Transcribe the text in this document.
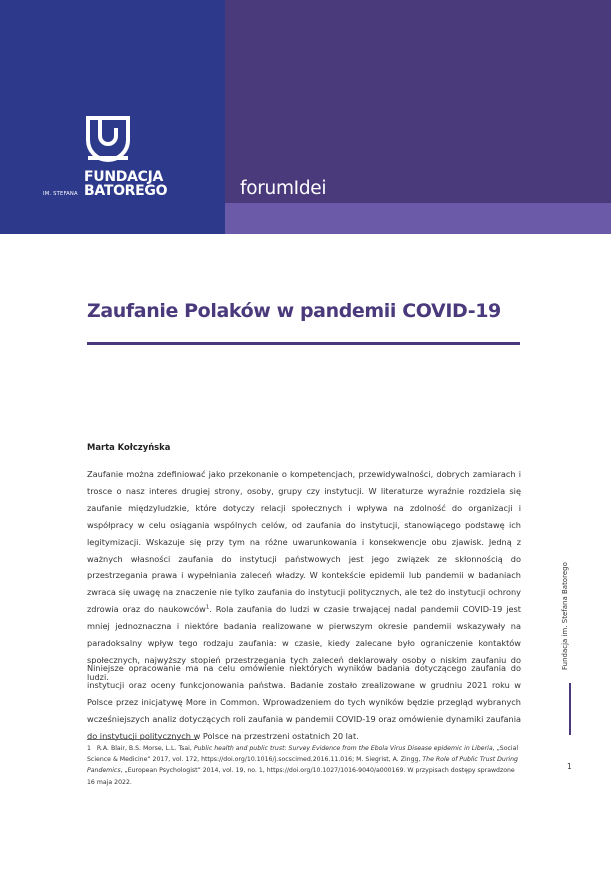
FUNDACJA
IM. STEFANA BATOREGO	forumIdei
Zaufanie Polaków w pandemii COVID-19
Marta Kołczyńska

Zaufanie można zdefiniować jako przekonanie o kompetencjach, przewidywalności, dobrych zamiarach i trosce o nasz interes drugiej strony, osoby, grupy czy instytucji. W literaturze wyraźnie rozdziela się zaufanie międzyludzkie, które dotyczy relacji społecznych i wpływa na zdolność do organizacji i współpracy w celu osiągania wspólnych celów, od zaufania do instytucji, stanowiącego podstawę ich legitymizacji. Wskazuje się przy tym na różne uwarunkowania i konsekwencje obu zjawisk. Jedną z ważnych własności zaufania do instytucji państwowych jest jego związek ze skłonnością do przestrzegania prawa i wypełniania zaleceń władzy. W kontekście epidemii lub pandemii w badaniach zwraca się uwagę na znaczenie nie tylko zaufania do instytucji politycznych, ale też do instytucji ochrony zdrowia oraz do naukowców$^1$. Rola zaufania do ludzi w czasie trwającej nadal pandemii COVID-19 jest mniej jednoznaczna i niektóre badania realizowane w pierwszym okresie pandemii wskazywały na paradoksalny wpływ tego rodzaju zaufania: w czasie, kiedy zalecane było ograniczenie kontaktów społecznych, najwyższy stopień przestrzegania tych zaleceń deklarowały osoby o niskim zaufaniu do ludzi.

Niniejsze opracowanie ma na celu omówienie niektórych wyników badania dotyczącego zaufania do instytucji oraz oceny funkcjonowania państwa. Badanie zostało zrealizowane w grudniu 2021 roku w Polsce przez inicjatywę More in Common. Wprowadzeniem do tych wyników będzie przegląd wybranych wcześniejszych analiz dotyczących roli zaufania w pandemii COVID-19 oraz omówienie dynamiki zaufania do instytucji politycznych w Polsce na przestrzeni ostatnich 20 lat.

1 R.A. Blair, B.S. Morse, L.L. Tsai, Public health and public trust: Survey Evidence from the Ebola Virus Disease epidemic in Liberia, „Social Science & Medicine” 2017, vol. 172, https://doi.org/10.1016/j.socscimed.2016.11.016; M. Siegrist, A. Zingg, The Role of Public Trust During Pandemics, „European Psychologist” 2014, vol. 19, no. 1, https://doi.org/10.1027/1016-9040/a000169. W przypisach dostępy sprawdzone 16 maja 2022.

Fundacja im. Stefana Batorego
1
